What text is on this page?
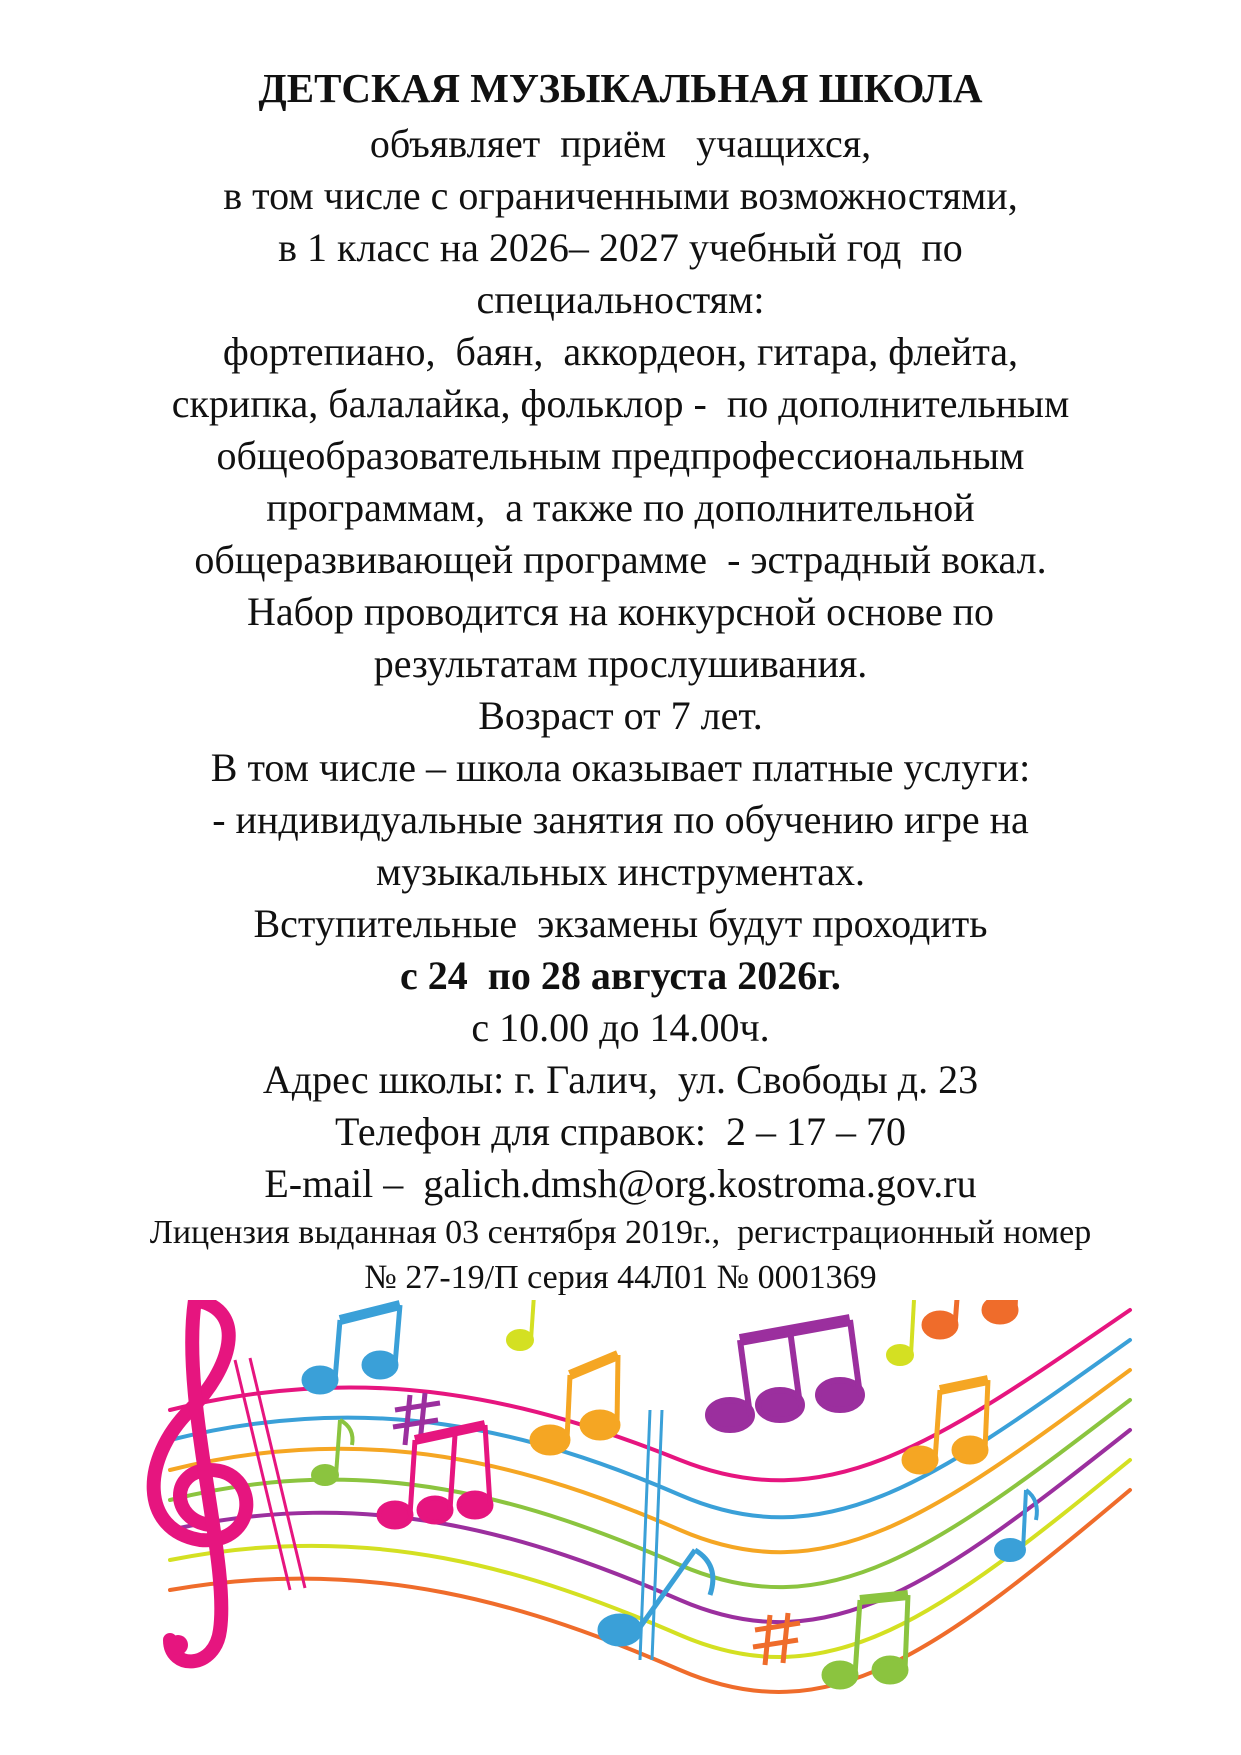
ДЕТСКАЯ МУЗЫКАЛЬНАЯ ШКОЛА
объявляет  приём   учащихся,
в том числе с ограниченными возможностями,
в 1 класс на 2026– 2027 учебный год  по
специальностям:
фортепиано,  баян,  аккордеон, гитара, флейта,
скрипка, балалайка, фольклор -  по дополнительным
общеобразовательным предпрофессиональным
программам,  а также по дополнительной
общеразвивающей программе  - эстрадный вокал.
Набор проводится на конкурсной основе по
результатам прослушивания.
Возраст от 7 лет.
В том числе – школа оказывает платные услуги:
- индивидуальные занятия по обучению игре на
музыкальных инструментах.
Вступительные  экзамены будут проходить
с 24  по 28 августа 2026г.
с 10.00 до 14.00ч.
Адрес школы: г. Галич,  ул. Свободы д. 23
Телефон для справок:  2 – 17 – 70
E-mail –  galich.dmsh@org.kostroma.gov.ru
Лицензия выданная 03 сентября 2019г.,  регистрационный номер
№ 27-19/П серия 44Л01 № 0001369
